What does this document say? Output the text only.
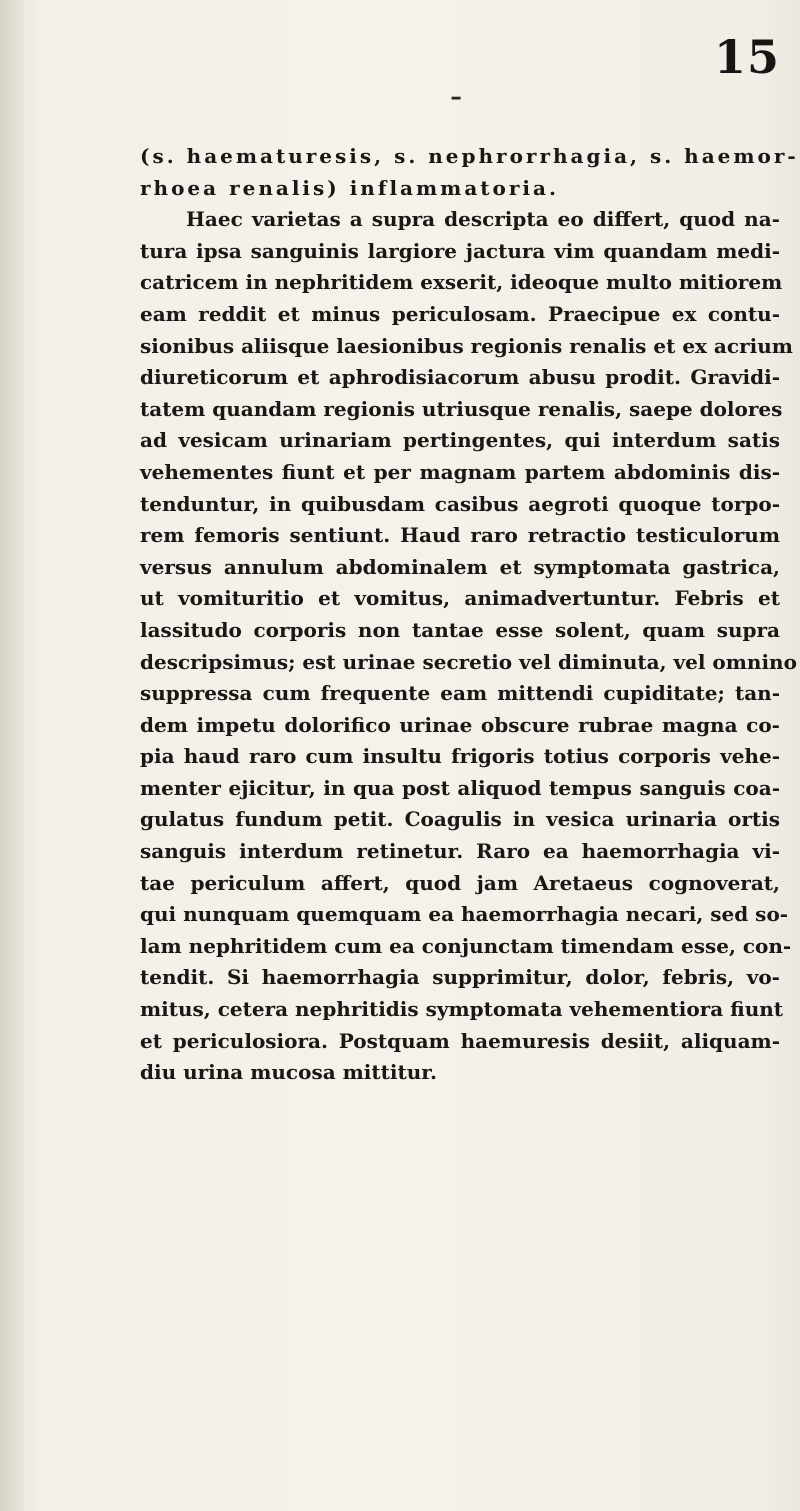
15
-
(s. haematuresis, s. nephrorrhagia, s. haemor-
rhoea renalis) inflammatoria.
Haec varietas a supra descripta eo differt, quod na-
tura ipsa sanguinis largiore jactura vim quandam medi-
catricem in nephritidem exserit, ideoque multo mitiorem
eam reddit et minus periculosam. Praecipue ex contu-
sionibus aliisque laesionibus regionis renalis et ex acrium
diureticorum et aphrodisiacorum abusu prodit. Gravidi-
tatem quandam regionis utriusque renalis, saepe dolores
ad vesicam urinariam pertingentes, qui interdum satis
vehementes fiunt et per magnam partem abdominis dis-
tenduntur, in quibusdam casibus aegroti quoque torpo-
rem femoris sentiunt. Haud raro retractio testiculorum
versus annulum abdominalem et symptomata gastrica,
ut vomituritio et vomitus, animadvertuntur. Febris et
lassitudo corporis non tantae esse solent, quam supra
descripsimus; est urinae secretio vel diminuta, vel omnino
suppressa cum frequente eam mittendi cupiditate; tan-
dem impetu dolorifico urinae obscure rubrae magna co-
pia haud raro cum insultu frigoris totius corporis vehe-
menter ejicitur, in qua post aliquod tempus sanguis coa-
gulatus fundum petit. Coagulis in vesica urinaria ortis
sanguis interdum retinetur. Raro ea haemorrhagia vi-
tae periculum affert, quod jam Aretaeus cognoverat,
qui nunquam quemquam ea haemorrhagia necari, sed so-
lam nephritidem cum ea conjunctam timendam esse, con-
tendit. Si haemorrhagia supprimitur, dolor, febris, vo-
mitus, cetera nephritidis symptomata vehementiora fiunt
et periculosiora. Postquam haemuresis desiit, aliquam-
diu urina mucosa mittitur.
